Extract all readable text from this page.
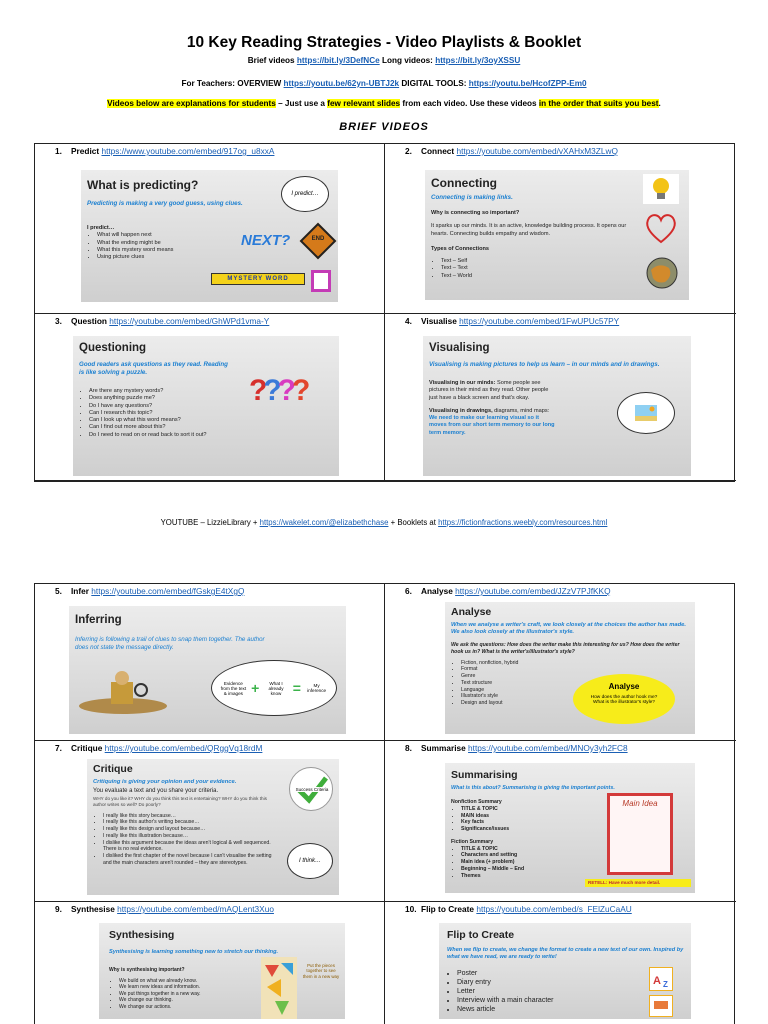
10 Key Reading Strategies - Video Playlists & Booklet
Brief videos https://bit.ly/3DefNCe Long videos: https://bit.ly/3oyXSSU
For Teachers: OVERVIEW https://youtu.be/62yn-UBTJ2k DIGITAL TOOLS: https://youtu.be/HcofZPP-Em0
Videos below are explanations for students – Just use a few relevant slides from each video. Use these videos in the order that suits you best.
BRIEF VIDEOS
1. Predict https://www.youtube.com/embed/917og_u8xxA
What is predicting?
Predicting is making a very good guess, using clues.
I predict…
• What will happen next
• What the ending might be
• What this mystery word means
• Using picture clues
I predict…
NEXT?	END
MYSTERY WORD
2. Connect https://youtube.com/embed/vXAHxM3ZLwQ
Connecting
Connecting is making links.
Why is connecting so important?
It sparks up our minds. It is an active, knowledge building process. It opens our hearts. Connecting builds empathy and wisdom.
Types of Connections
• Text – Self
• Text – Text
• Text – World
3. Question https://youtube.com/embed/GhWPd1vma-Y
Questioning
Good readers ask questions as they read. Reading is like solving a puzzle.
• Are there any mystery words?
• Does anything puzzle me?
• Do I have any questions?
• Can I research this topic?
• Can I look up what this word means?
• Can I find out more about this?
• Do I need to read on or read back to sort it out?
????
4. Visualise https://youtube.com/embed/1FwUPUc57PY
Visualising
Visualising is making pictures to help us learn – in our minds and in drawings.
Visualising in our minds: Some people see pictures in their mind as they read. Other people just have a black screen and that's okay.
Visualising in drawings, diagrams, mind maps: We need to make our learning visual so it moves from our short term memory to our long term memory.
YOUTUBE – LizzieLibrary + https://wakelet.com/@elizabethchase + Booklets at https://fictionfractions.weebly.com/resources.html
5. Infer https://youtube.com/embed/fGskgE4tXgQ
Inferring
Inferring is following a trail of clues to snap them together. The author does not state the message directly.
Evidence from the text & images +	What I already know =	My inference
6. Analyse https://youtube.com/embed/JZzV7PJfKKQ
Analyse
When we analyse a writer's craft, we look closely at the choices the author has made. We also look closely at the illustrator's style.
We ask the questions: How does the writer make this interesting for us? How does the writer hook us in? What is the writer's/illustrator's style?
• Fiction, nonfiction, hybrid
• Format
• Genre
• Text structure
• Language
• Illustrator's style
• Design and layout
Analyse
How does the author hook me?
What is the illustrator's style?
7. Critique https://youtube.com/embed/QRggVq18rdM
Critique
Critiquing is giving your opinion and your evidence.
You evaluate a text and you share your criteria.
WHY do you like it? WHY do you think this text is entertaining? WHY do you think this author writes so well? Do poorly?
• I really like this story because…
• I really like this author's writing because…
• I really like this design and layout because…
• I really like this illustration because…
• I dislike this argument because the ideas aren't logical & well sequenced. There is no real evidence.
• I disliked the first chapter of the novel because I can't visualise the setting and the main characters aren't rounded – they are stereotypes.
Success Criteria
I think…
8. Summarise https://youtube.com/embed/MNOy3yh2FC8
Summarising
What is this about? Summarising is giving the important points.
Nonfiction Summary
• TITLE & TOPIC
• MAIN ideas
• Key facts
• Significance/issues
Fiction Summary
• TITLE & TOPIC
• Characters and setting
• Main idea (+ problem)
• Beginning – Middle – End
• Themes
Main Idea
RETELL: Have much more detail.
9. Synthesise https://youtube.com/embed/mAQLent3Xuo
Synthesising
Synthesising is learning something new to stretch our thinking.
Why is synthesising important?
• We build on what we already know.
• We learn new ideas and information.
• We put things together in a new way.
• We change our thinking.
• We change our actions.
Put the pieces together to see them in a new way
10. Flip to Create https://youtube.com/embed/s_FElZuCaAU
Flip to Create
When we flip to create, we change the format to create a new text of our own. Inspired by what we have read, we are ready to write!
• Poster
• Diary entry
• Letter
• Interview with a main character
• News article
A Z
